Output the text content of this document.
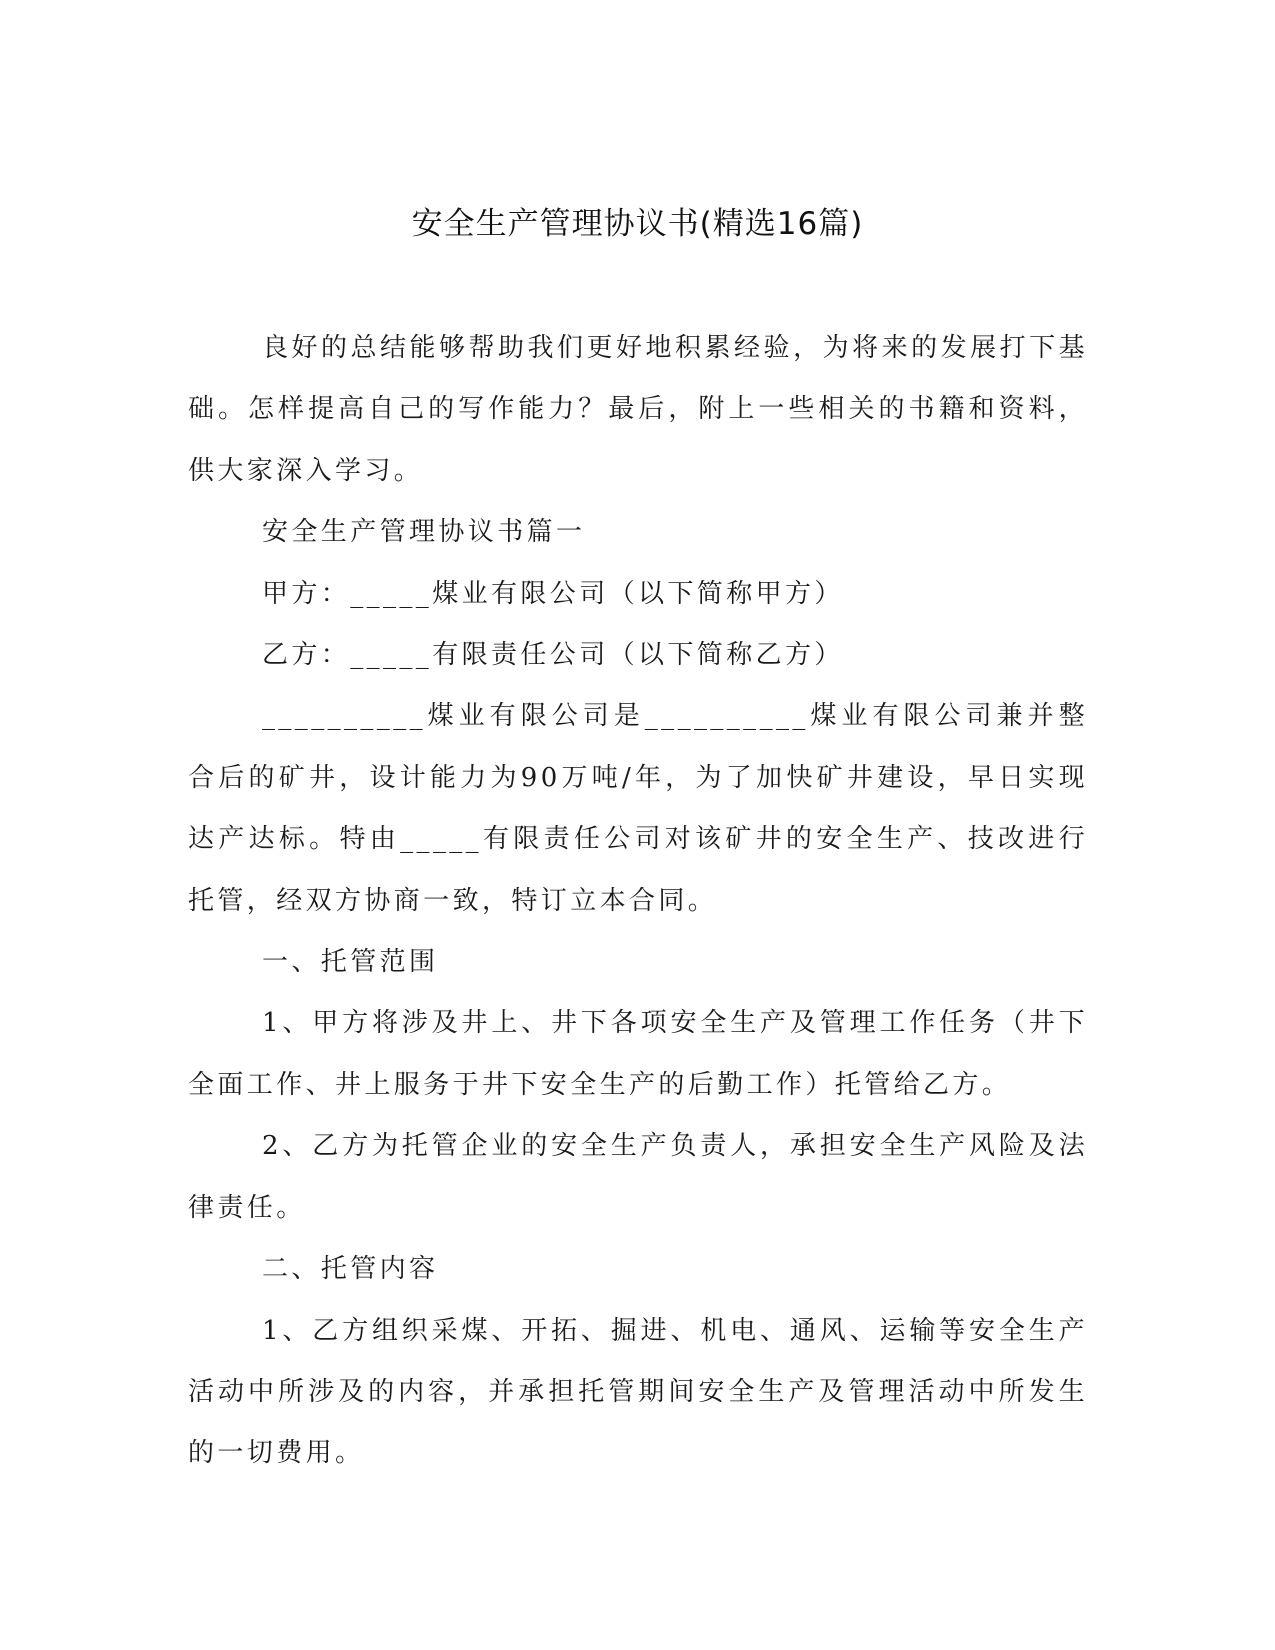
安全生产管理协议书(精选16篇)

良好的总结能够帮助我们更好地积累经验，为将来的发展打下基础。怎样提高自己的写作能力？最后，附上一些相关的书籍和资料，供大家深入学习。

安全生产管理协议书篇一

甲方：_____煤业有限公司（以下简称甲方）

乙方：_____有限责任公司（以下简称乙方）

__________煤业有限公司是__________煤业有限公司兼并整合后的矿井，设计能力为90万吨/年，为了加快矿井建设，早日实现达产达标。特由_____有限责任公司对该矿井的安全生产、技改进行托管，经双方协商一致，特订立本合同。

一、托管范围

1、甲方将涉及井上、井下各项安全生产及管理工作任务（井下全面工作、井上服务于井下安全生产的后勤工作）托管给乙方。

2、乙方为托管企业的安全生产负责人，承担安全生产风险及法律责任。

二、托管内容

1、乙方组织采煤、开拓、掘进、机电、通风、运输等安全生产活动中所涉及的内容，并承担托管期间安全生产及管理活动中所发生的一切费用。
